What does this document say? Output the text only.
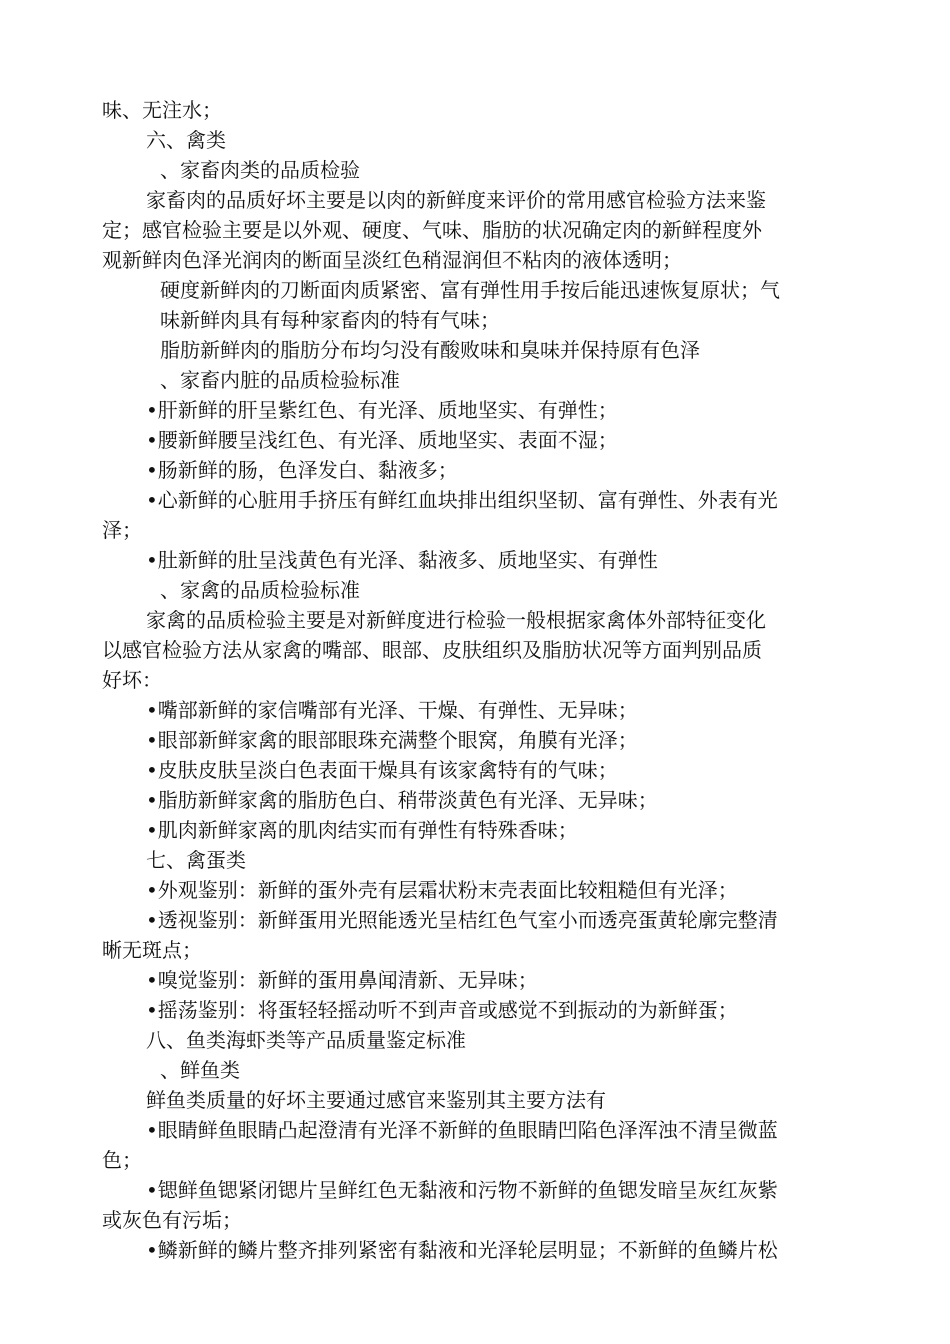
味、无注水；
六、禽类
、家畜肉类的品质检验
家畜肉的品质好坏主要是以肉的新鲜度来评价的常用感官检验方法来鉴
定；感官检验主要是以外观、硬度、气味、脂肪的状况确定肉的新鲜程度外
观新鲜肉色泽光润肉的断面呈淡红色稍湿润但不粘肉的液体透明；
硬度新鲜肉的刀断面肉质紧密、富有弹性用手按后能迅速恢复原状；气
味新鲜肉具有每种家畜肉的特有气味；
脂肪新鲜肉的脂肪分布均匀没有酸败味和臭味并保持原有色泽
、家畜内脏的品质检验标准
•肝新鲜的肝呈紫红色、有光泽、质地坚实、有弹性；
•腰新鲜腰呈浅红色、有光泽、质地坚实、表面不湿；
•肠新鲜的肠，色泽发白、黏液多；
•心新鲜的心脏用手挤压有鲜红血块排出组织坚韧、富有弹性、外表有光
泽；
•肚新鲜的肚呈浅黄色有光泽、黏液多、质地坚实、有弹性
、家禽的品质检验标准
家禽的品质检验主要是对新鲜度进行检验一般根据家禽体外部特征变化
以感官检验方法从家禽的嘴部、眼部、皮肤组织及脂肪状况等方面判别品质
好坏：
•嘴部新鲜的家信嘴部有光泽、干燥、有弹性、无异味；
•眼部新鲜家禽的眼部眼珠充满整个眼窝，角膜有光泽；
•皮肤皮肤呈淡白色表面干燥具有该家禽特有的气味；
•脂肪新鲜家禽的脂肪色白、稍带淡黄色有光泽、无异味；
•肌肉新鲜家离的肌肉结实而有弹性有特殊香味；
七、禽蛋类
•外观鉴别：新鲜的蛋外壳有层霜状粉末壳表面比较粗糙但有光泽；
•透视鉴别：新鲜蛋用光照能透光呈桔红色气室小而透亮蛋黄轮廓完整清
晰无斑点；
•嗅觉鉴别：新鲜的蛋用鼻闻清新、无异味；
•摇荡鉴别：将蛋轻轻摇动听不到声音或感觉不到振动的为新鲜蛋；
八、鱼类海虾类等产品质量鉴定标准
、鲜鱼类
鲜鱼类质量的好坏主要通过感官来鉴别其主要方法有
•眼睛鲜鱼眼睛凸起澄清有光泽不新鲜的鱼眼睛凹陷色泽浑浊不清呈微蓝
色；
•锶鲜鱼锶紧闭锶片呈鲜红色无黏液和污物不新鲜的鱼锶发暗呈灰红灰紫
或灰色有污垢；
•鳞新鲜的鳞片整齐排列紧密有黏液和光泽轮层明显；不新鲜的鱼鳞片松
